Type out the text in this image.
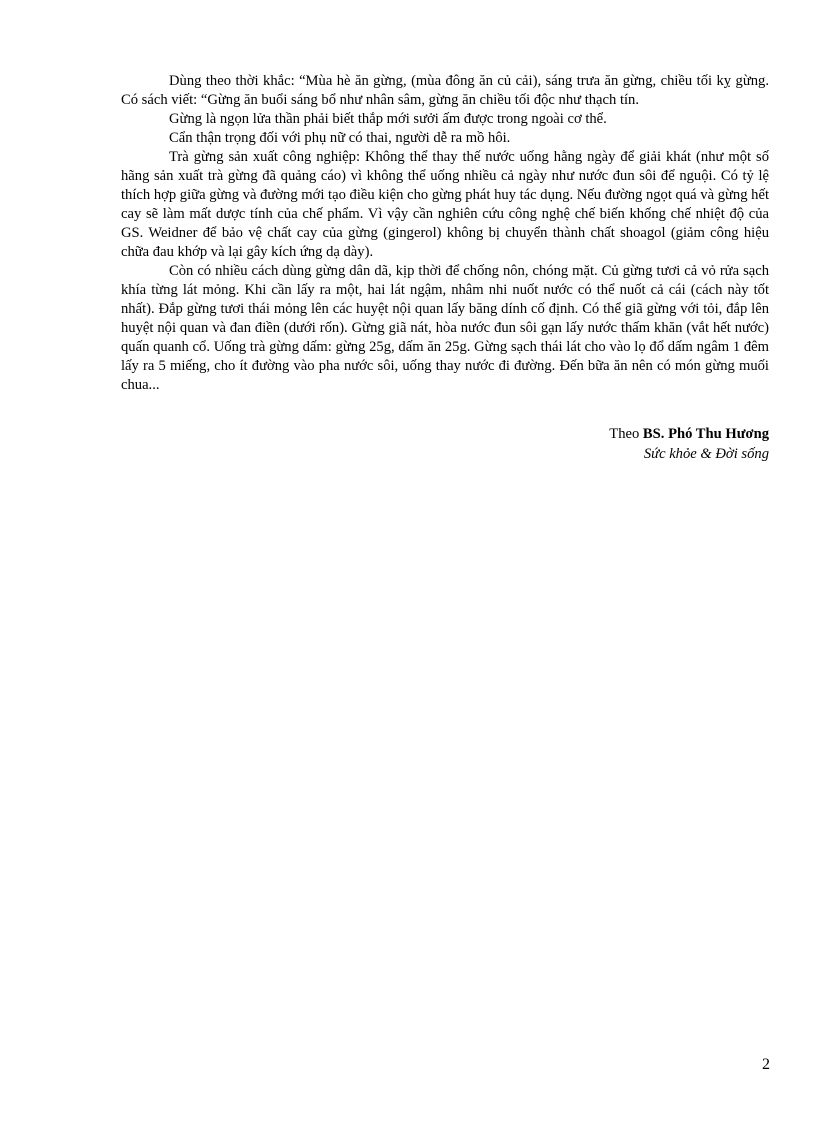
Dùng theo thời khắc: “Mùa hè ăn gừng, (mùa đông ăn củ cải), sáng trưa ăn gừng, chiều tối kỵ gừng. Có sách viết: “Gừng ăn buổi sáng bổ như nhân sâm, gừng ăn chiều tối độc như thạch tín.

Gừng là ngọn lửa thần phải biết thắp mới sưởi ấm được trong ngoài cơ thể.

Cẩn thận trọng đối với phụ nữ có thai, người dễ ra mồ hôi.

Trà gừng sản xuất công nghiệp: Không thể thay thế nước uống hằng ngày để giải khát (như một số hãng sản xuất trà gừng đã quảng cáo) vì không thể uống nhiều cả ngày như nước đun sôi để nguội. Có tỷ lệ thích hợp giữa gừng và đường mới tạo điều kiện cho gừng phát huy tác dụng. Nếu đường ngọt quá và gừng hết cay sẽ làm mất dược tính của chế phẩm. Vì vậy cần nghiên cứu công nghệ chế biến khống chế nhiệt độ của GS. Weidner để bảo vệ chất cay của gừng (gingerol) không bị chuyển thành chất shoagol (giảm công hiệu chữa đau khớp và lại gây kích ứng dạ dày).

Còn có nhiều cách dùng gừng dân dã, kịp thời để chống nôn, chóng mặt. Củ gừng tươi cả vỏ rửa sạch khía từng lát mỏng. Khi cần lấy ra một, hai lát ngậm, nhâm nhi nuốt nước có thể nuốt cả cái (cách này tốt nhất). Đắp gừng tươi thái mỏng lên các huyệt nội quan lấy băng dính cố định. Có thể giã gừng với tỏi, đắp lên huyệt nội quan và đan điền (dưới rốn). Gừng giã nát, hòa nước đun sôi gạn lấy nước thấm khăn (vắt hết nước) quấn quanh cổ. Uống trà gừng dấm: gừng 25g, dấm ăn 25g. Gừng sạch thái lát cho vào lọ đổ dấm ngâm 1 đêm lấy ra 5 miếng, cho ít đường vào pha nước sôi, uống thay nước đi đường. Đến bữa ăn nên có món gừng muối chua...

Theo BS. Phó Thu Hương
Sức khỏe & Đời sống
2
